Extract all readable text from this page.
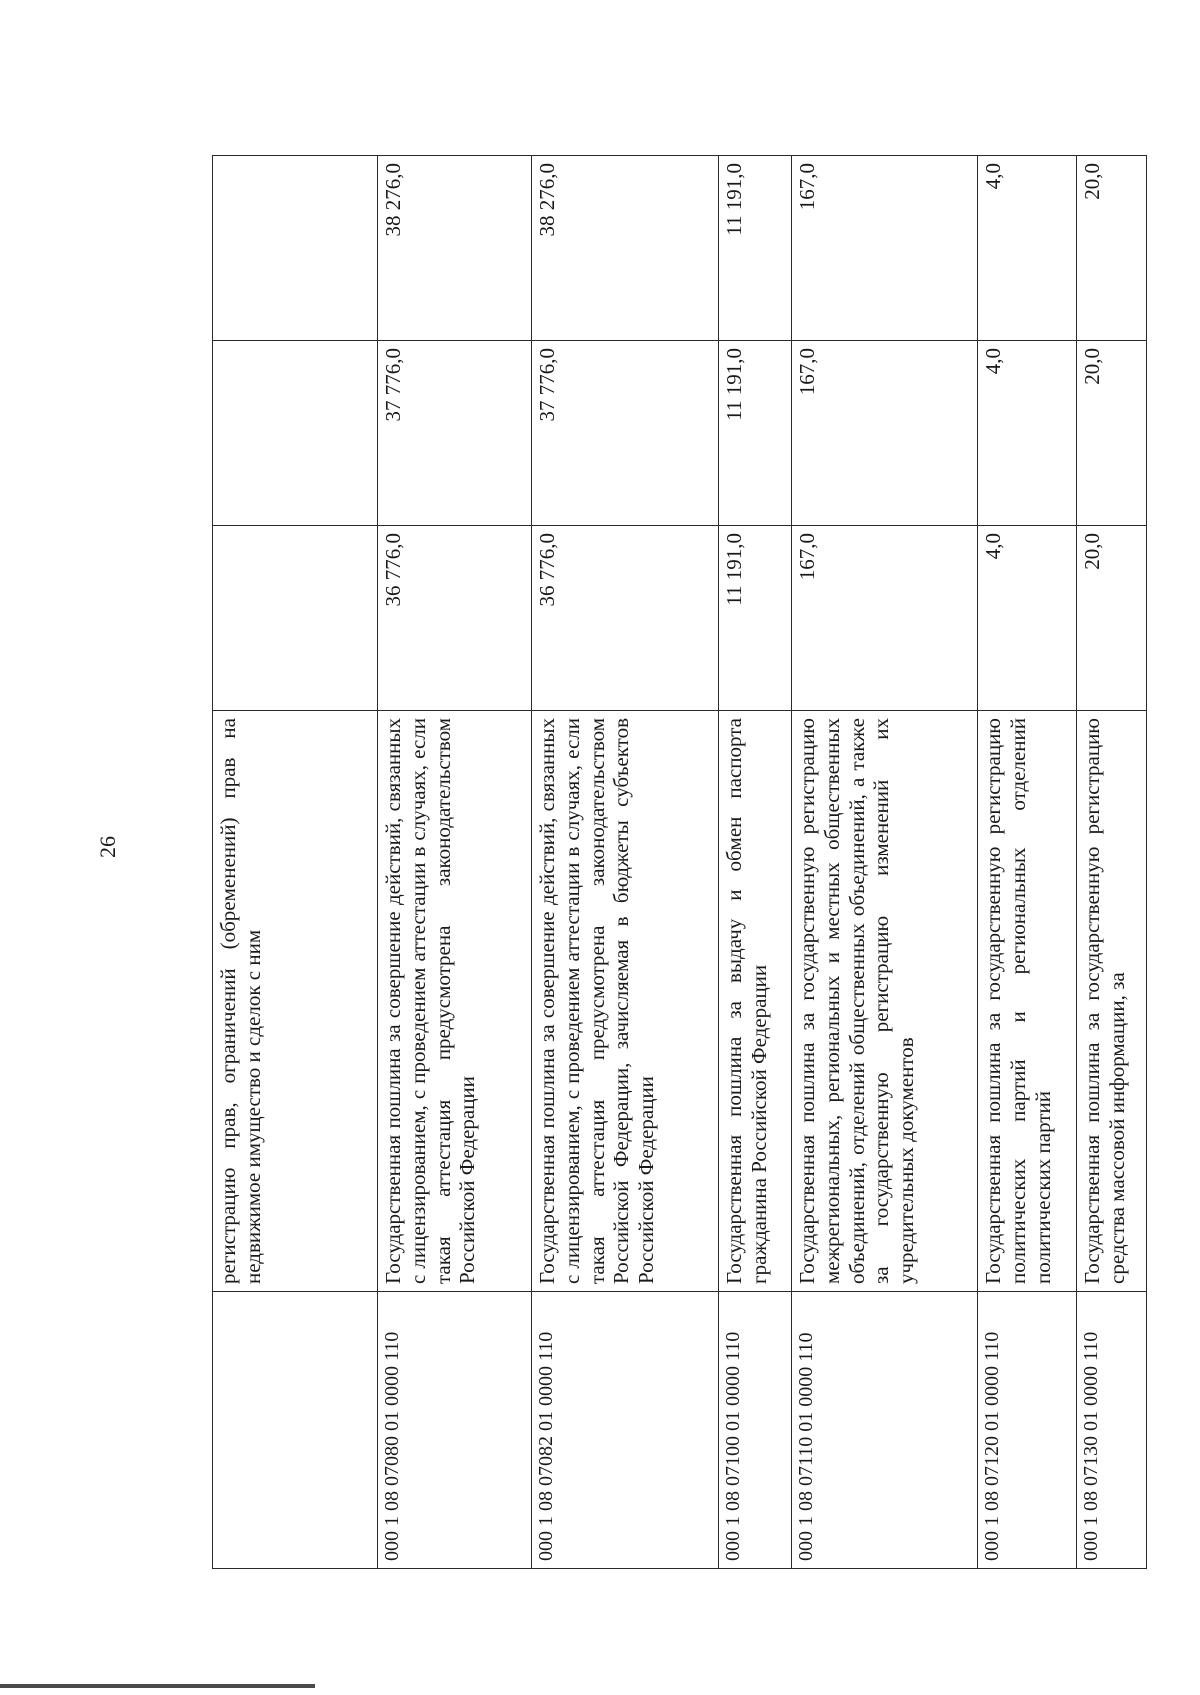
26
		регистрацию прав, ограничений (обременений) прав на недвижимое имущество и сделок с ним			
000 1 08 07080 01 0000 110	Государственная пошлина за совершение действий, связанных с лицензированием, с проведением аттестации в случаях, если такая аттестация предусмотрена законодательством Российской Федерации	36 776,0	37 776,0	38 276,0
000 1 08 07082 01 0000 110	Государственная пошлина за совершение действий, связанных с лицензированием, с проведением аттестации в случаях, если такая аттестация предусмотрена законодательством Российской Федерации, зачисляемая в бюджеты субъектов Российской Федерации	36 776,0	37 776,0	38 276,0
000 1 08 07100 01 0000 110	Государственная пошлина за выдачу и обмен паспорта гражданина Российской Федерации	11 191,0	11 191,0	11 191,0
000 1 08 07110 01 0000 110	Государственная пошлина за государственную регистрацию межрегиональных, региональных и местных общественных объединений, отделений общественных объединений, а также за государственную регистрацию изменений их учредительных документов	167,0	167,0	167,0
000 1 08 07120 01 0000 110	Государственная пошлина за государственную регистрацию политических партий и региональных отделений политических партий	4,0	4,0	4,0
000 1 08 07130 01 0000 110	Государственная пошлина за государственную регистрацию средства массовой информации, за	20,0	20,0	20,0
